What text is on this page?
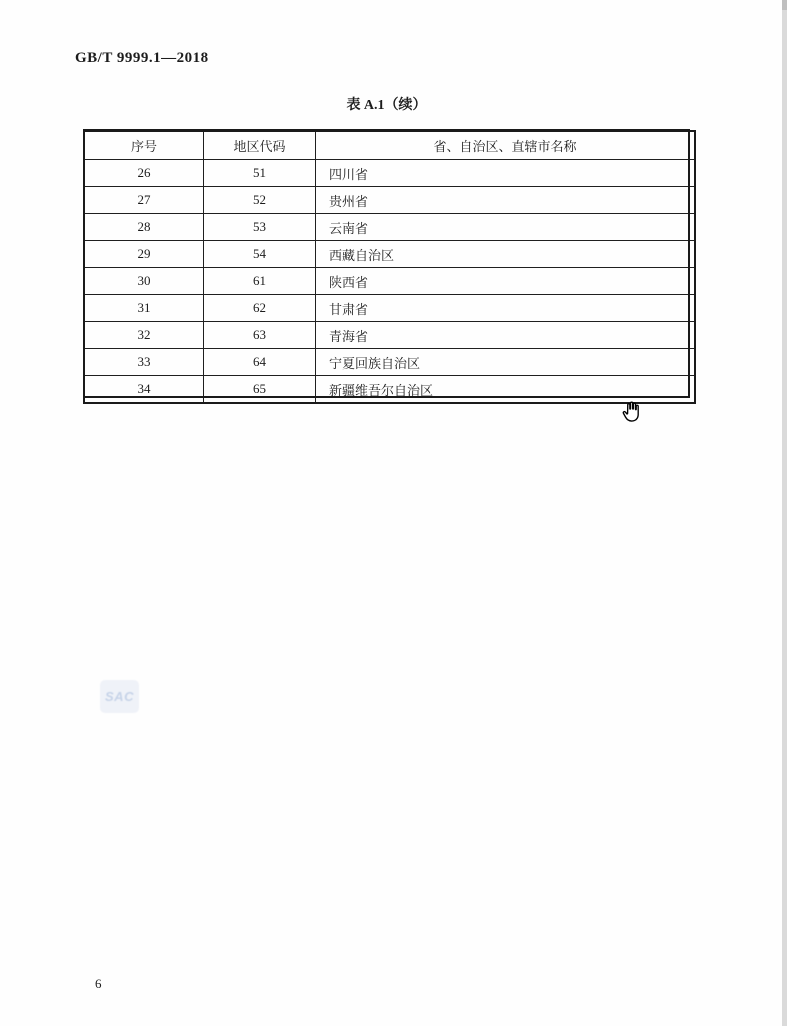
GB/T 9999.1—2018
表 A.1（续）
序号	地区代码	省、自治区、直辖市名称
26	51	四川省
27	52	贵州省
28	53	云南省
29	54	西藏自治区
30	61	陕西省
31	62	甘肃省
32	63	青海省
33	64	宁夏回族自治区
34	65	新疆维吾尔自治区
SAC
6
